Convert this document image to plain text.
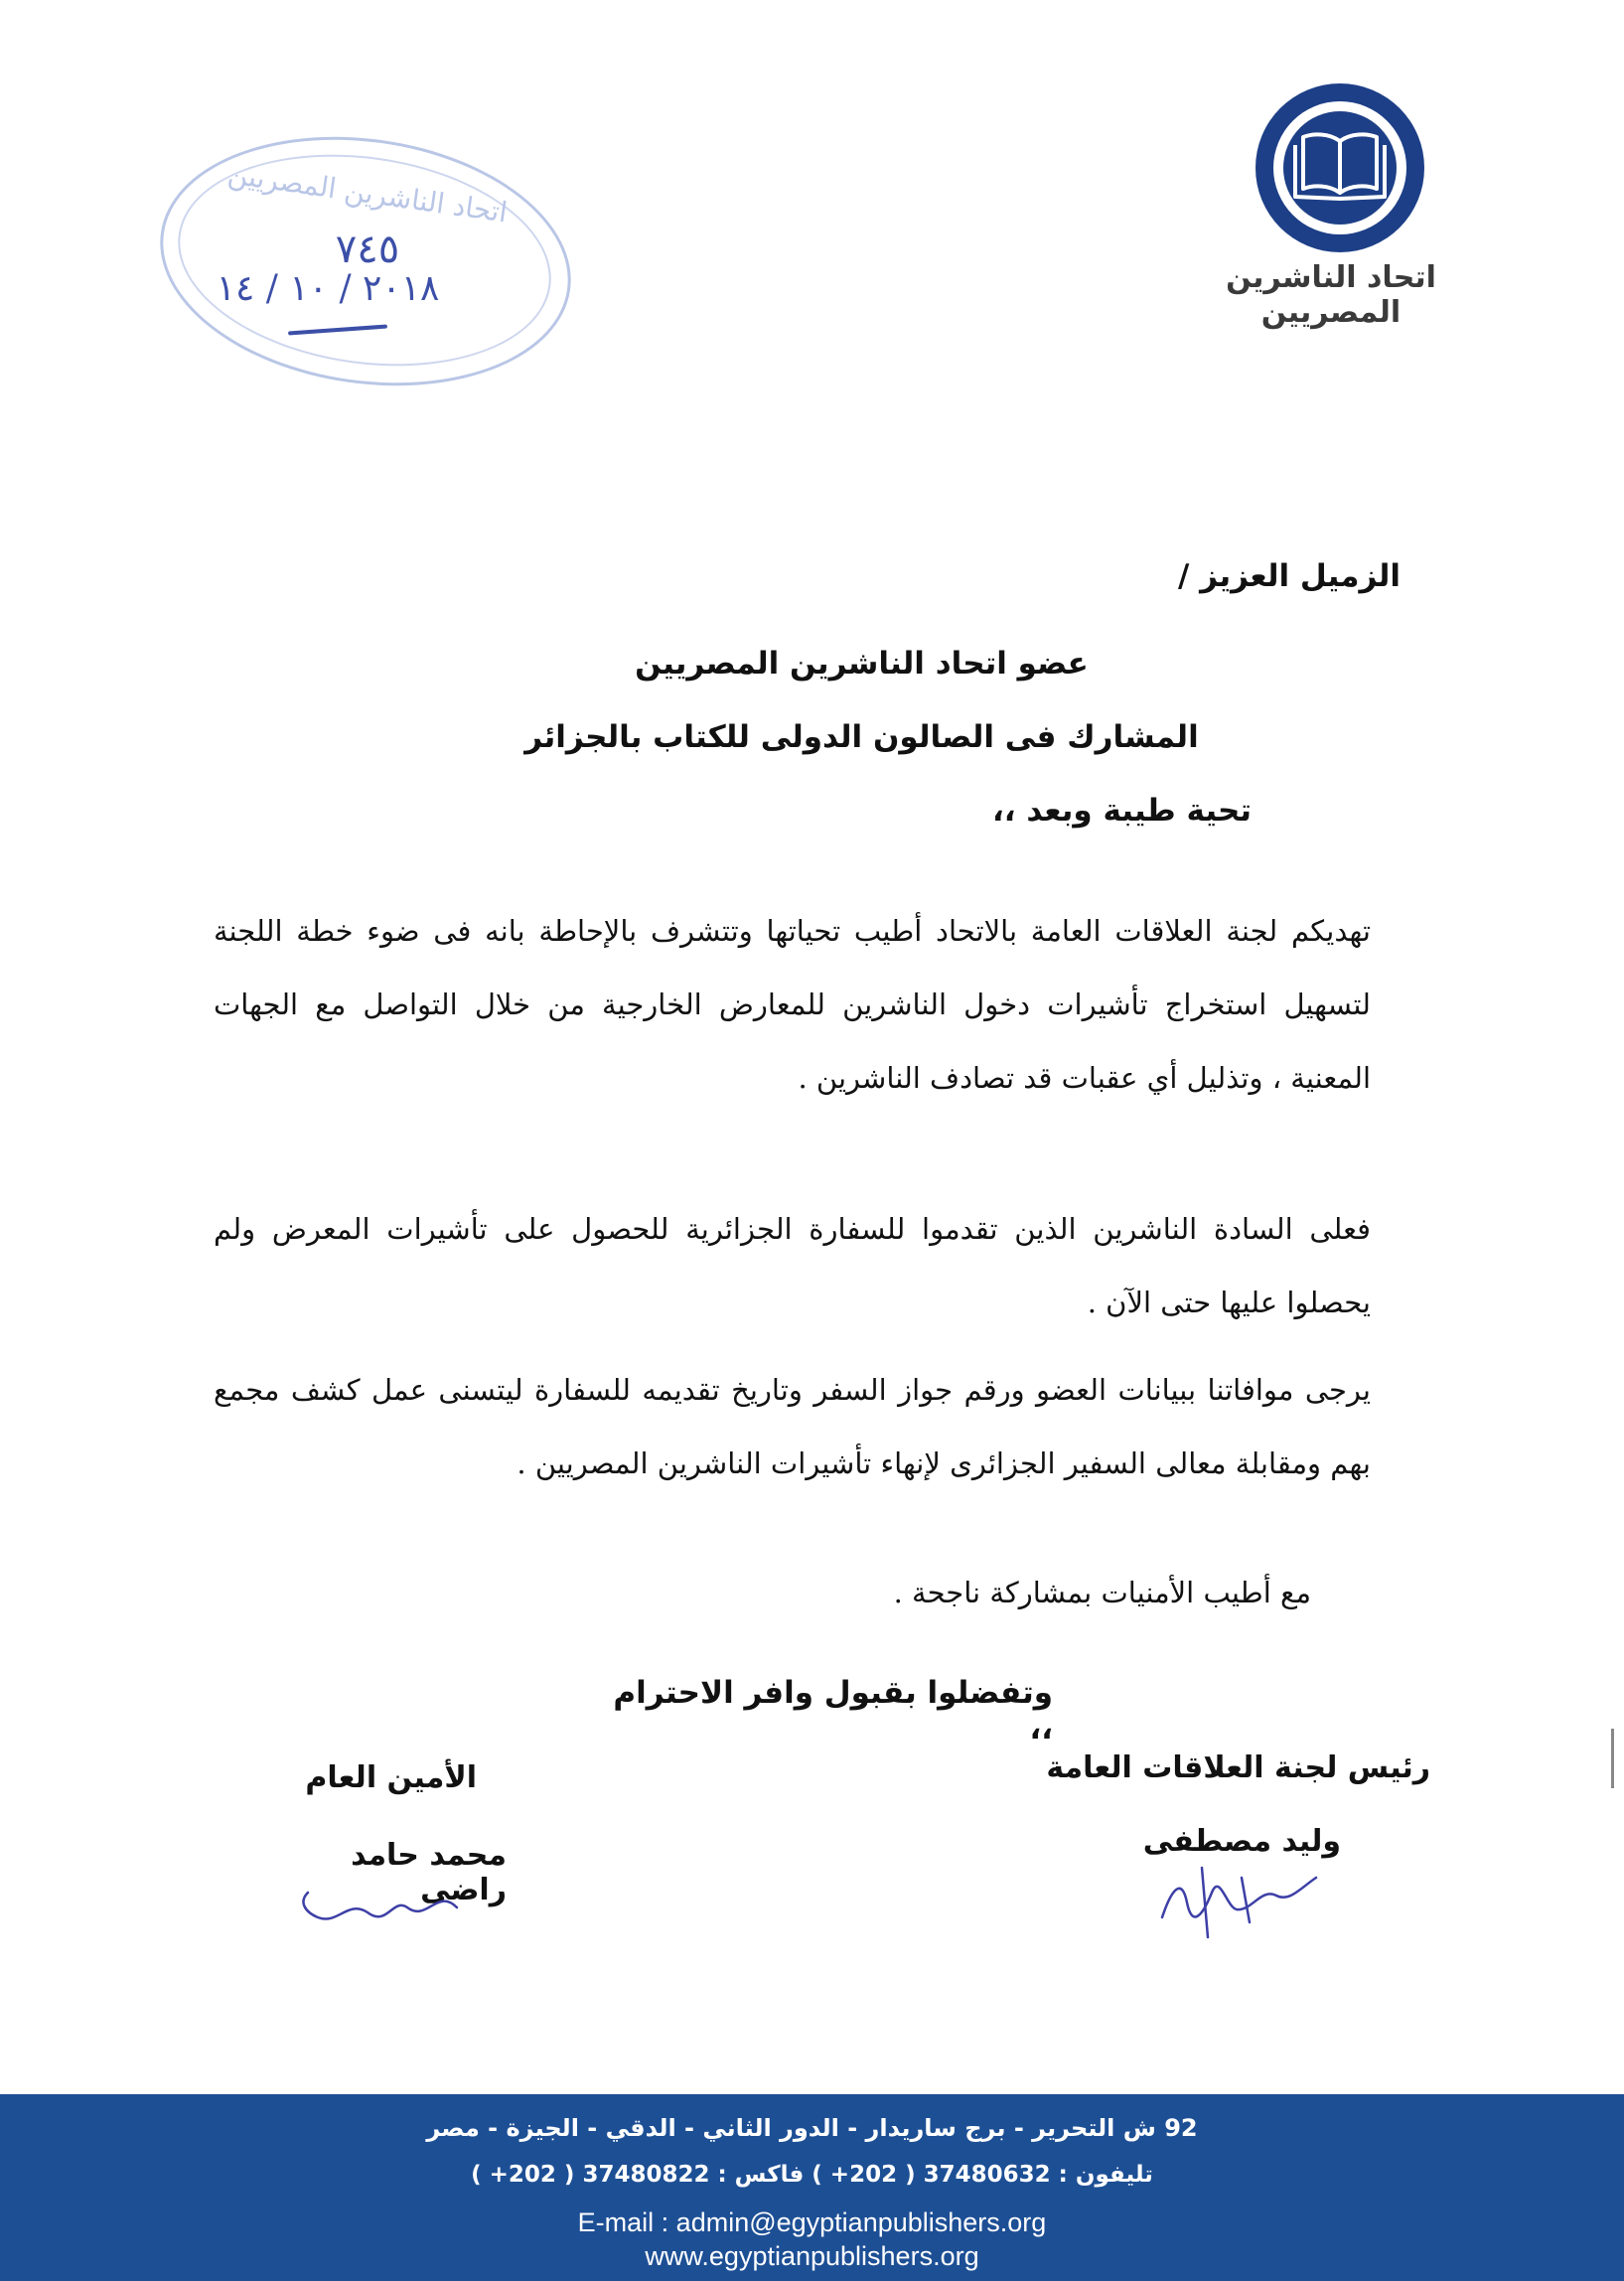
اتحاد الناشرين المصريين
٧٤٥
٢٠١٨ / ١٠ / ١٤	اتحاد الناشرين المصريين
الزميل العزيز /
عضو اتحاد الناشرين المصريين
المشارك فى الصالون الدولى للكتاب بالجزائر
تحية طيبة وبعد ،،
تهديكم لجنة العلاقات العامة بالاتحاد أطيب تحياتها وتتشرف بالإحاطة بانه فى ضوء خطة اللجنة لتسهيل استخراج تأشيرات دخول الناشرين للمعارض الخارجية من خلال التواصل مع الجهات المعنية ، وتذليل أي عقبات قد تصادف الناشرين .
فعلى السادة الناشرين الذين تقدموا للسفارة الجزائرية للحصول على تأشيرات المعرض ولم يحصلوا عليها حتى الآن .
يرجى موافاتنا ببيانات العضو ورقم جواز السفر وتاريخ تقديمه للسفارة ليتسنى عمل كشف مجمع بهم ومقابلة معالى السفير الجزائرى لإنهاء تأشيرات الناشرين المصريين .
مع أطيب الأمنيات بمشاركة ناجحة .
وتفضلوا بقبول وافر الاحترام ،،
رئيس لجنة العلاقات العامة
وليد مصطفى
الأمين العام
محمد حامد راضى
92 ش التحرير - برج ساريدار - الدور الثاني - الدقي - الجيزة - مصر
تليفون : 37480632 ( 202+ ) فاكس : 37480822 ( 202+ )
E-mail : admin@egyptianpublishers.org
www.egyptianpublishers.org
